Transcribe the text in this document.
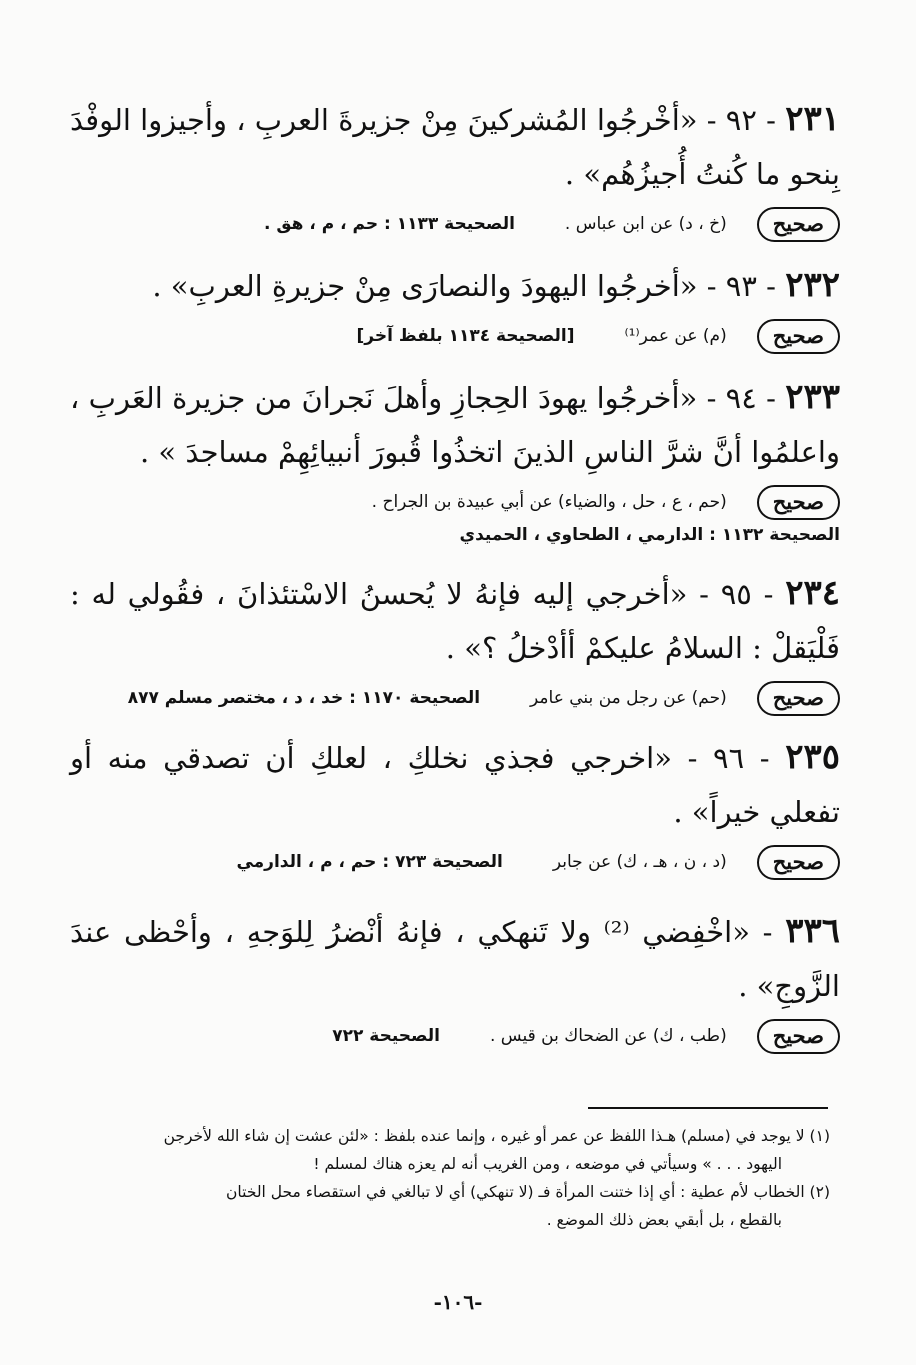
٢٣١ - ٩٢ - «أخْرجُوا المُشركينَ مِنْ جزيرةَ العربِ ، وأجيزوا الوفْدَ بِنحو ما كُنتُ أُجيزُهُم» .
صحيح
(خ ، د) عن ابن عباس .
الصحيحة ١١٣٣ : حم ، م ، هق .
٢٣٢ - ٩٣ - «أخرجُوا اليهودَ والنصارَى مِنْ جزيرةِ العربِ» .
صحيح
(م) عن عمر⁽¹⁾
[الصحيحة ١١٣٤ بلفظ آخر]
٢٣٣ - ٩٤ - «أخرجُوا يهودَ الحِجازِ وأهلَ نَجرانَ من جزيرة العَربِ ، واعلمُوا أنَّ شرَّ الناسِ الذينَ اتخذُوا قُبورَ أنبيائِهِمْ مساجدَ » .
صحيح
(حم ، ع ، حل ، والضياء) عن أبي عبيدة بن الجراح .
الصحيحة ١١٣٢ : الدارمي ، الطحاوي ، الحميدي
٢٣٤ - ٩٥ - «أخرجي إليه فإنهُ لا يُحسنُ الاسْتئذانَ ، فقُولي له : فَلْيَقلْ : السلامُ عليكمْ أأدْخلُ ؟» .
صحيح
(حم) عن رجل من بني عامر
الصحيحة ١١٧٠ : خد ، د ، مختصر مسلم ٨٧٧
٢٣٥ - ٩٦ - «اخرجي فجذي نخلكِ ، لعلكِ أن تصدقي منه أو تفعلي خيراً» .
صحيح
(د ، ن ، هـ ، ك) عن جابر
الصحيحة ٧٢٣ : حم ، م ، الدارمي
٣٣٦ - «اخْفِضي ⁽²⁾ ولا تَنهكي ، فإنهُ أنْضرُ لِلوَجهِ ، وأحْظى عندَ الزَّوجِ» .
صحيح
(طب ، ك) عن الضحاك بن قيس .
الصحيحة ٧٢٢
(١) لا يوجد في (مسلم) هـذا اللفظ عن عمر أو غيره ، وإنما عنده بلفظ : «لئن عشت إن شاء الله لأخرجن
اليهود . . . » وسيأتي في موضعه ، ومن الغريب أنه لم يعزه هناك لمسلم !
(٢) الخطاب لأم عطية : أي إذا ختنت المرأة فـ (لا تنهكي) أي لا تبالغي في استقصاء محل الختان
بالقطع ، بل أبقي بعض ذلك الموضع .
-١٠٦-
